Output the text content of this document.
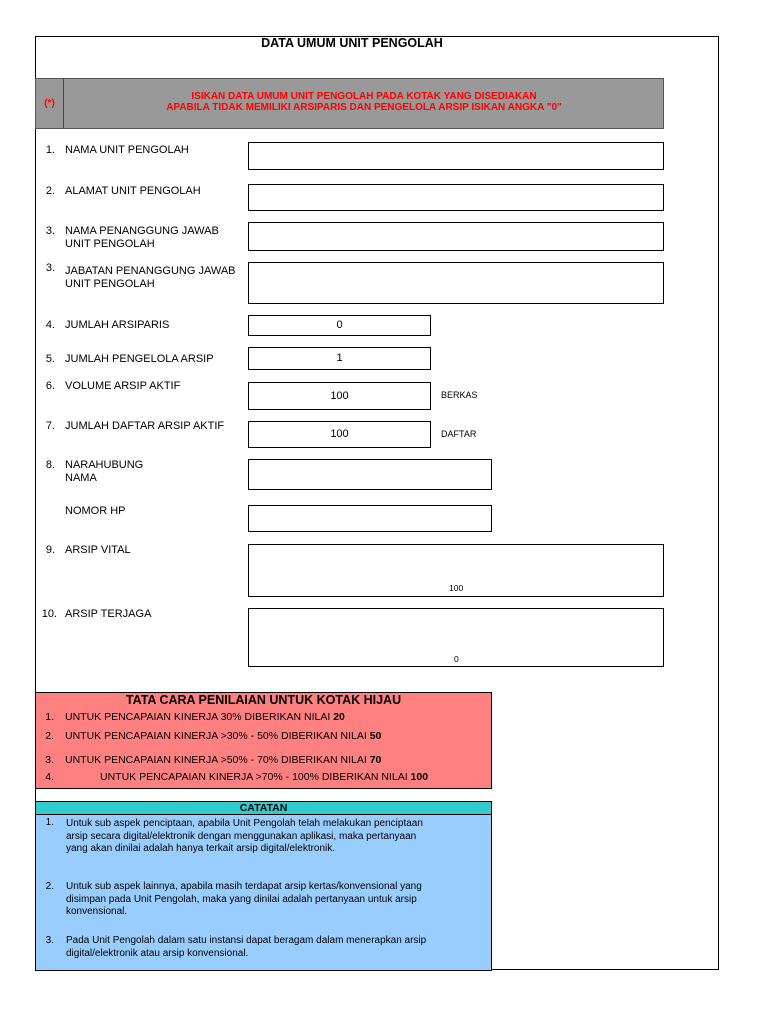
DATA UMUM UNIT PENGOLAH
(*)
ISIKAN DATA UMUM UNIT PENGOLAH PADA KOTAK YANG DISEDIAKAN
APABILA TIDAK MEMILIKI ARSIPARIS DAN PENGELOLA ARSIP ISIKAN ANGKA "0"
1. NAMA UNIT PENGOLAH
2. ALAMAT UNIT PENGOLAH
3. NAMA PENANGGUNG JAWAB
UNIT PENGOLAH
3. JABATAN PENANGGUNG JAWAB
UNIT PENGOLAH
4. JUMLAH ARSIPARIS	0
5. JUMLAH PENGELOLA ARSIP	1
6. VOLUME ARSIP AKTIF
100	BERKAS
7. JUMLAH DAFTAR ARSIP AKTIF
100	DAFTAR
8. NARAHUBUNG
NAMA
NOMOR HP
9. ARSIP VITAL
100
10. ARSIP TERJAGA
0
TATA CARA PENILAIAN UNTUK KOTAK HIJAU
1. UNTUK PENCAPAIAN KINERJA 30% DIBERIKAN NILAI 20
2. UNTUK PENCAPAIAN KINERJA >30% - 50% DIBERIKAN NILAI 50
3. UNTUK PENCAPAIAN KINERJA >50% - 70% DIBERIKAN NILAI 70
4.	UNTUK PENCAPAIAN KINERJA >70% - 100% DIBERIKAN NILAI 100
CATATAN
1. Untuk sub aspek penciptaan, apabila Unit Pengolah telah melakukan penciptaan
arsip secara digital/elektronik dengan menggunakan aplikasi, maka pertanyaan
yang akan dinilai adalah hanya terkait arsip digital/elektronik.
2. Untuk sub aspek lainnya, apabila masih terdapat arsip kertas/konvensional yang
disimpan pada Unit Pengolah, maka yang dinilai adalah pertanyaan untuk arsip
konvensional.
3. Pada Unit Pengolah dalam satu instansi dapat beragam dalam menerapkan arsip
digital/elektronik atau arsip konvensional.
